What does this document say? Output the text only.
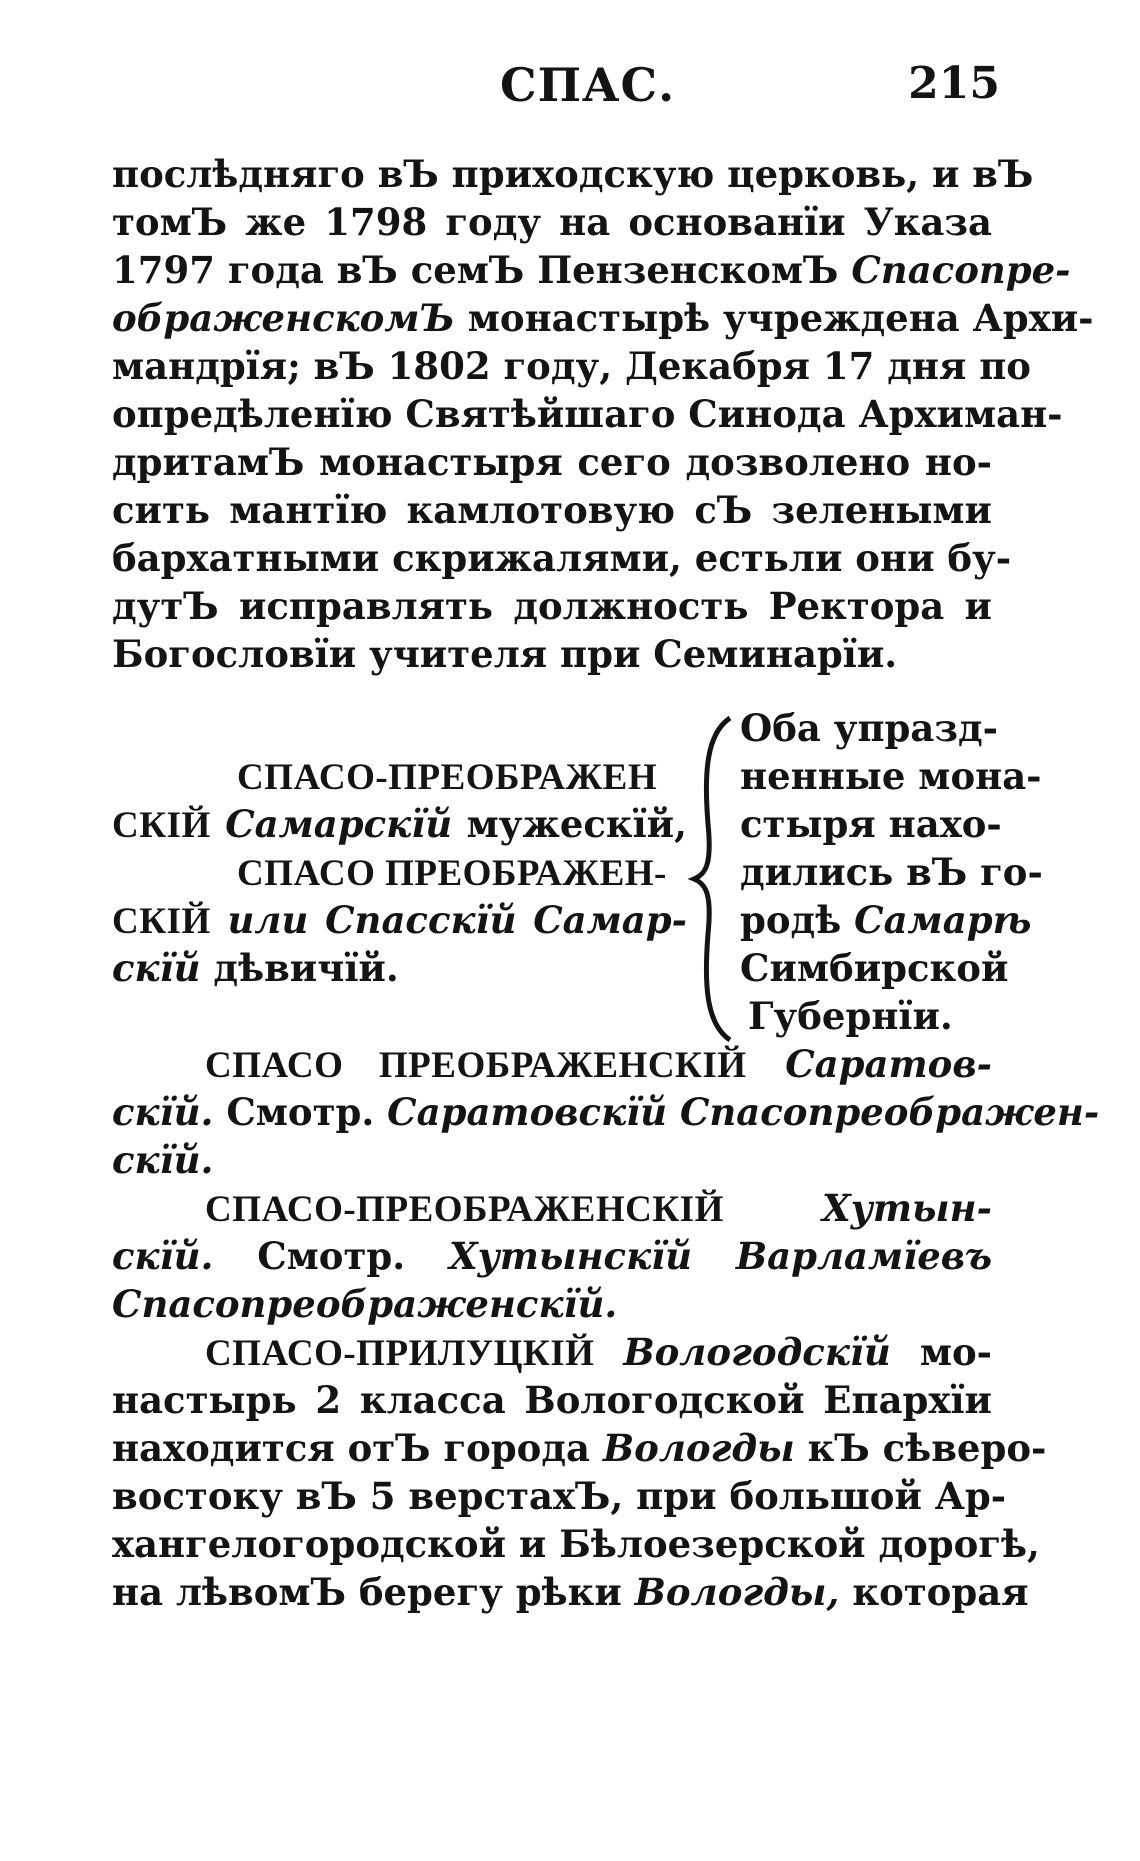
СПАС.	215
послѣдняго вЪ приходскую церковь, и вЪ
томЪ же 1798 году на основанїи Указа
1797 года вЪ семЪ ПензенскомЪ Спасопре-
ображенскомЪ монастырѣ учреждена Архи-
мандрїя; вЪ 1802 году, Декабря 17 дня по
опредѣленїю Святѣйшаго Синода Архиман-
дритамЪ монастыря сего дозволено но-
сить мантїю камлотовую сЪ зелеными
бархатными скрижалями, естьли они бу-
дутЪ исправлять должность Ректора и
Богословїи учителя при Семинарїи.
СПАСО-ПРЕОБРАЖЕН
СКІЙ Самарскїй мужескїй,
СПАСО ПРЕОБРАЖЕН-
СКІЙ или Спасскїй Самар-
скїй дѣвичїй.
Оба упразд-
ненные мона-
стыря нахо-
дились вЪ го-
родѣ Самарѣ
Симбирской
Губернїи.
СПАСО ПРЕОБРАЖЕНСКІЙ Саратов-
скїй. Смотр. Саратовскїй Спасопреображен-
скїй.
СПАСО-ПРЕОБРАЖЕНСКІЙ	Хутын-
скїй. Смотр. Хутынскїй Варламїевъ
Спасопреображенскїй.
СПАСО-ПРИЛУЦКІЙ Вологодскїй мо-
настырь 2 класса Вологодской Епархїи
находится отЪ города Вологды кЪ сѣверо-
востоку вЪ 5 верстахЪ, при большой Ар-
хангелогородской и Бѣлоезерской дорогѣ,
на лѣвомЪ берегу рѣки Вологды, которая
